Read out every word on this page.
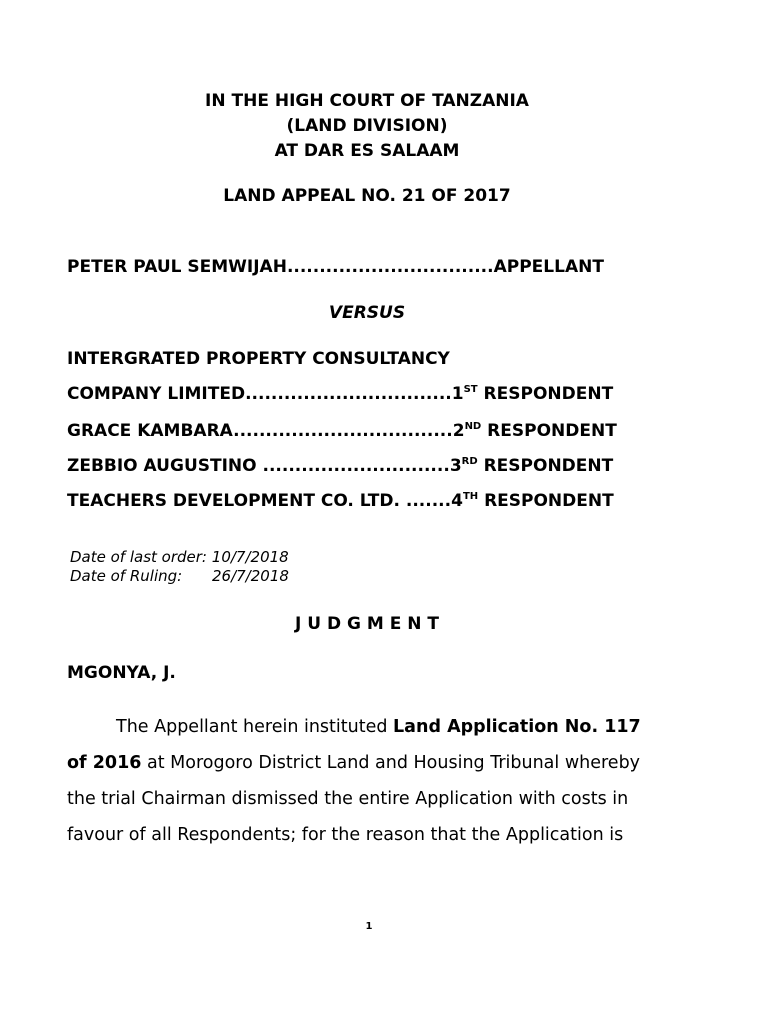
IN THE HIGH COURT OF TANZANIA
(LAND DIVISION)
AT DAR ES SALAAM
LAND APPEAL NO. 21 OF 2017
PETER PAUL SEMWIJAH................................APPELLANT
VERSUS
INTERGRATED PROPERTY CONSULTANCY
COMPANY LIMITED................................1ST RESPONDENT
GRACE KAMBARA..................................2ND RESPONDENT
ZEBBIO AUGUSTINO .............................3RD RESPONDENT
TEACHERS DEVELOPMENT CO. LTD. .......4TH RESPONDENT
Date of last order: 10/7/2018
Date of Ruling: 26/7/2018
J U D G M E N T
MGONYA, J.
The Appellant herein instituted Land Application No. 117
of 2016 at Morogoro District Land and Housing Tribunal whereby
the trial Chairman dismissed the entire Application with costs in
favour of all Respondents; for the reason that the Application is
1
